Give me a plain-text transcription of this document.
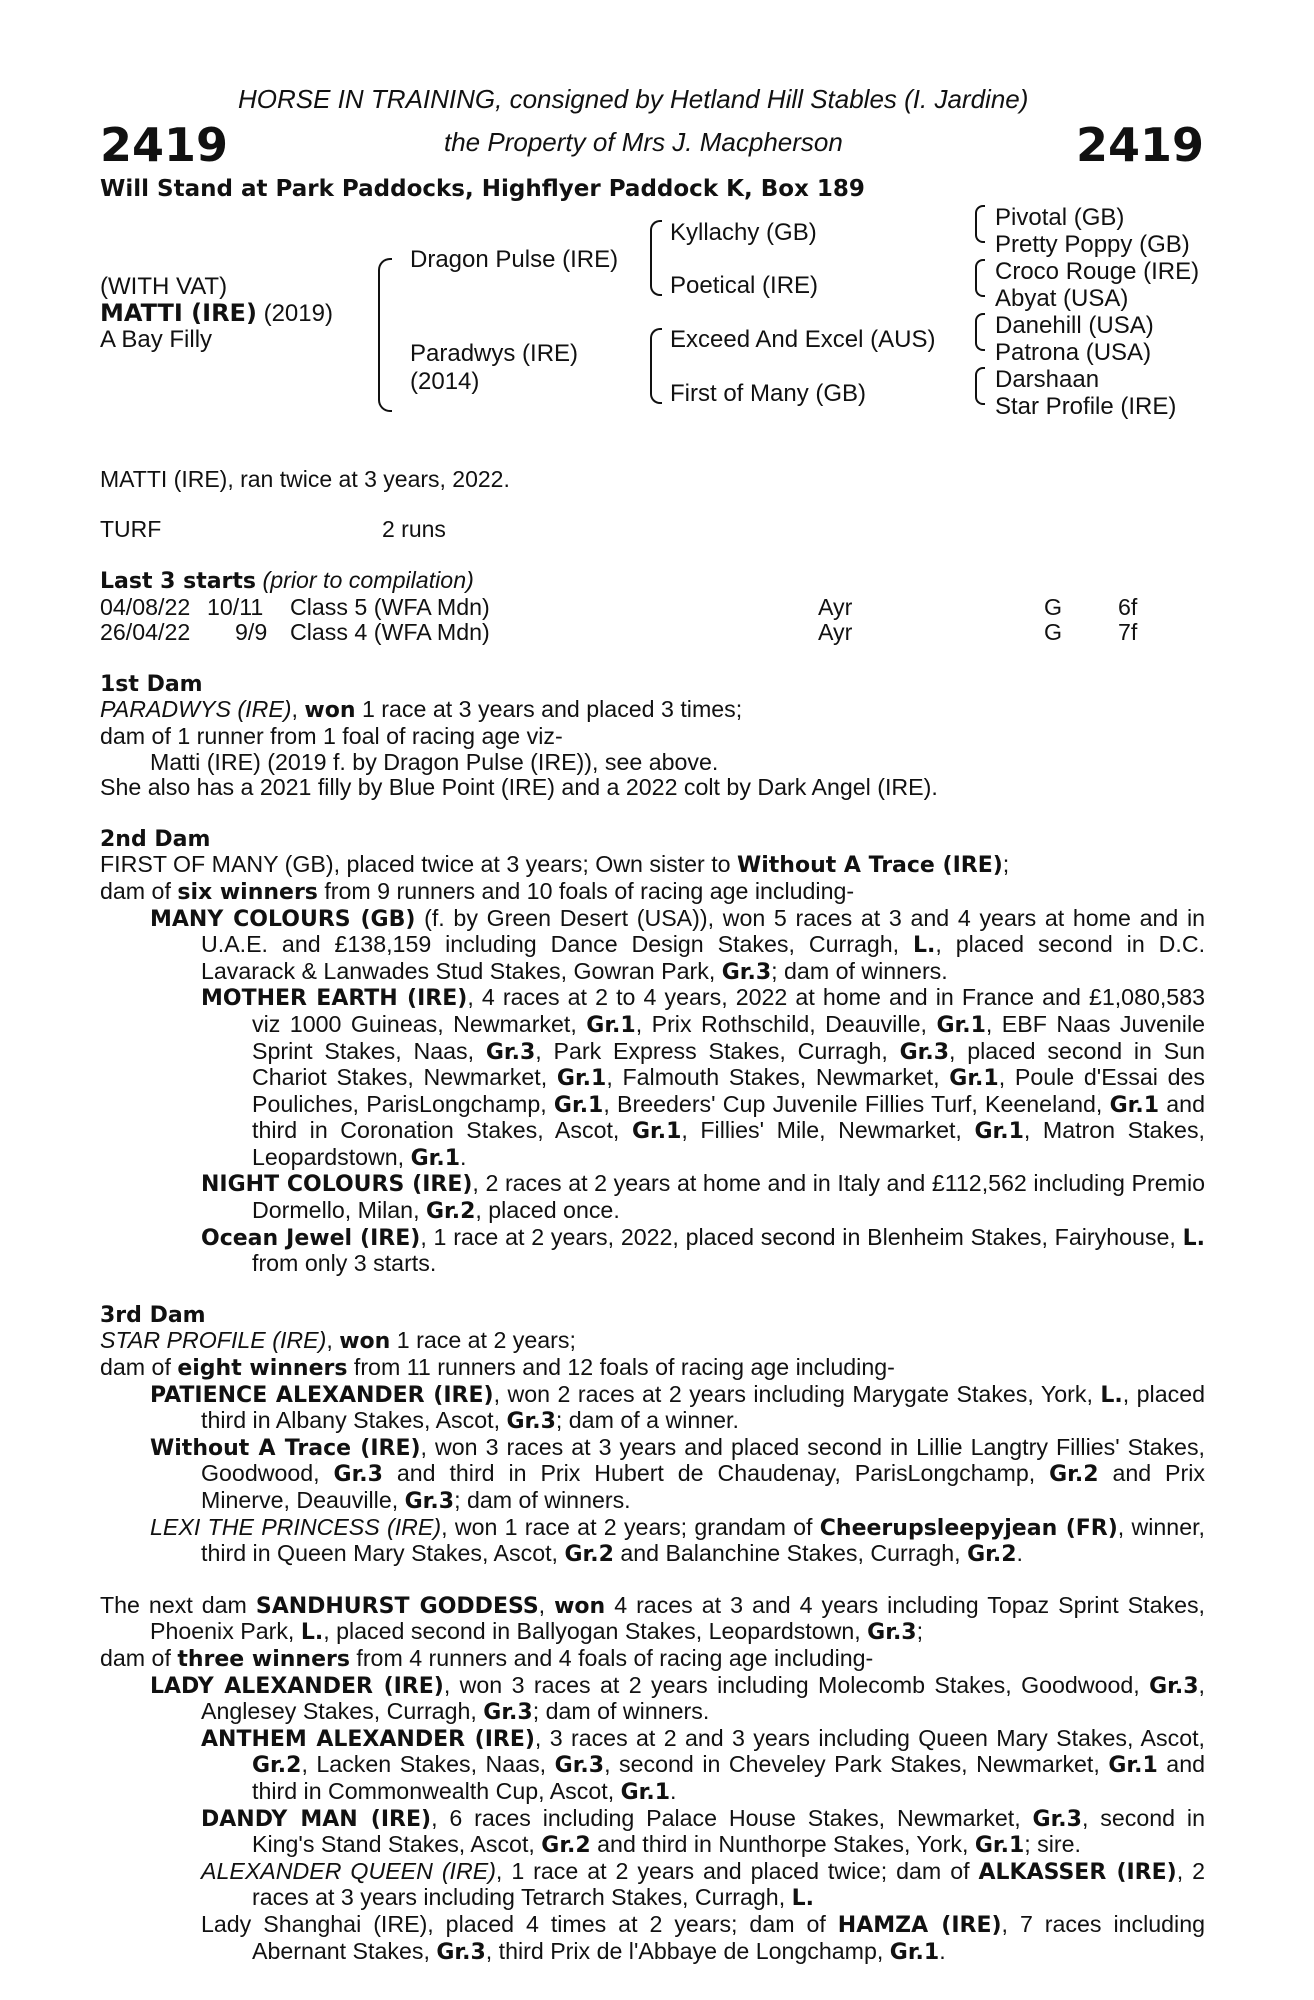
2419	2419
HORSE IN TRAINING, consigned by Hetland Hill Stables (I. Jardine)
the Property of Mrs J. Macpherson
Will Stand at Park Paddocks, Highflyer Paddock K, Box 189
(WITH VAT)
MATTI (IRE) (2019)
A Bay Filly
Dragon Pulse (IRE)
Paradwys (IRE)
(2014)
Kyllachy (GB)
Poetical (IRE)
Exceed And Excel (AUS)
First of Many (GB)
Pivotal (GB)
Pretty Poppy (GB)
Croco Rouge (IRE)
Abyat (USA)
Danehill (USA)
Patrona (USA)
Darshaan
Star Profile (IRE)
MATTI (IRE), ran twice at 3 years, 2022.
TURF	2 runs

Last 3 starts (prior to compilation)

04/08/22 10/11 Class 5 (WFA Mdn)	Ayr	G 6f
26/04/22 9/9 Class 4 (WFA Mdn)	Ayr	G 7f

1st Dam

PARADWYS (IRE), won 1 race at 3 years and placed 3 times;

dam of 1 runner from 1 foal of racing age viz-

Matti (IRE) (2019 f. by Dragon Pulse (IRE)), see above.

She also has a 2021 filly by Blue Point (IRE) and a 2022 colt by Dark Angel (IRE).

2nd Dam

FIRST OF MANY (GB), placed twice at 3 years; Own sister to Without A Trace (IRE);

dam of six winners from 9 runners and 10 foals of racing age including-

MANY COLOURS (GB) (f. by Green Desert (USA)), won 5 races at 3 and 4 years at home and in U.A.E. and £138,159 including Dance Design Stakes, Curragh, L., placed second in D.C. Lavarack & Lanwades Stud Stakes, Gowran Park, Gr.3; dam of winners.

MOTHER EARTH (IRE), 4 races at 2 to 4 years, 2022 at home and in France and £1,080,583 viz 1000 Guineas, Newmarket, Gr.1, Prix Rothschild, Deauville, Gr.1, EBF Naas Juvenile Sprint Stakes, Naas, Gr.3, Park Express Stakes, Curragh, Gr.3, placed second in Sun Chariot Stakes, Newmarket, Gr.1, Falmouth Stakes, Newmarket, Gr.1, Poule d'Essai des Pouliches, ParisLongchamp, Gr.1, Breeders' Cup Juvenile Fillies Turf, Keeneland, Gr.1 and third in Coronation Stakes, Ascot, Gr.1, Fillies' Mile, Newmarket, Gr.1, Matron Stakes, Leopardstown, Gr.1.

NIGHT COLOURS (IRE), 2 races at 2 years at home and in Italy and £112,562 including Premio Dormello, Milan, Gr.2, placed once.

Ocean Jewel (IRE), 1 race at 2 years, 2022, placed second in Blenheim Stakes, Fairyhouse, L. from only 3 starts.

3rd Dam

STAR PROFILE (IRE), won 1 race at 2 years;

dam of eight winners from 11 runners and 12 foals of racing age including-

PATIENCE ALEXANDER (IRE), won 2 races at 2 years including Marygate Stakes, York, L., placed third in Albany Stakes, Ascot, Gr.3; dam of a winner.

Without A Trace (IRE), won 3 races at 3 years and placed second in Lillie Langtry Fillies' Stakes, Goodwood, Gr.3 and third in Prix Hubert de Chaudenay, ParisLongchamp, Gr.2 and Prix Minerve, Deauville, Gr.3; dam of winners.

LEXI THE PRINCESS (IRE), won 1 race at 2 years; grandam of Cheerupsleepyjean (FR), winner, third in Queen Mary Stakes, Ascot, Gr.2 and Balanchine Stakes, Curragh, Gr.2.

The next dam SANDHURST GODDESS, won 4 races at 3 and 4 years including Topaz Sprint Stakes, Phoenix Park, L., placed second in Ballyogan Stakes, Leopardstown, Gr.3;

dam of three winners from 4 runners and 4 foals of racing age including-

LADY ALEXANDER (IRE), won 3 races at 2 years including Molecomb Stakes, Goodwood, Gr.3, Anglesey Stakes, Curragh, Gr.3; dam of winners.

ANTHEM ALEXANDER (IRE), 3 races at 2 and 3 years including Queen Mary Stakes, Ascot, Gr.2, Lacken Stakes, Naas, Gr.3, second in Cheveley Park Stakes, Newmarket, Gr.1 and third in Commonwealth Cup, Ascot, Gr.1.

DANDY MAN (IRE), 6 races including Palace House Stakes, Newmarket, Gr.3, second in King's Stand Stakes, Ascot, Gr.2 and third in Nunthorpe Stakes, York, Gr.1; sire.

ALEXANDER QUEEN (IRE), 1 race at 2 years and placed twice; dam of ALKASSER (IRE), 2 races at 3 years including Tetrarch Stakes, Curragh, L.

Lady Shanghai (IRE), placed 4 times at 2 years; dam of HAMZA (IRE), 7 races including Abernant Stakes, Gr.3, third Prix de l'Abbaye de Longchamp, Gr.1.
